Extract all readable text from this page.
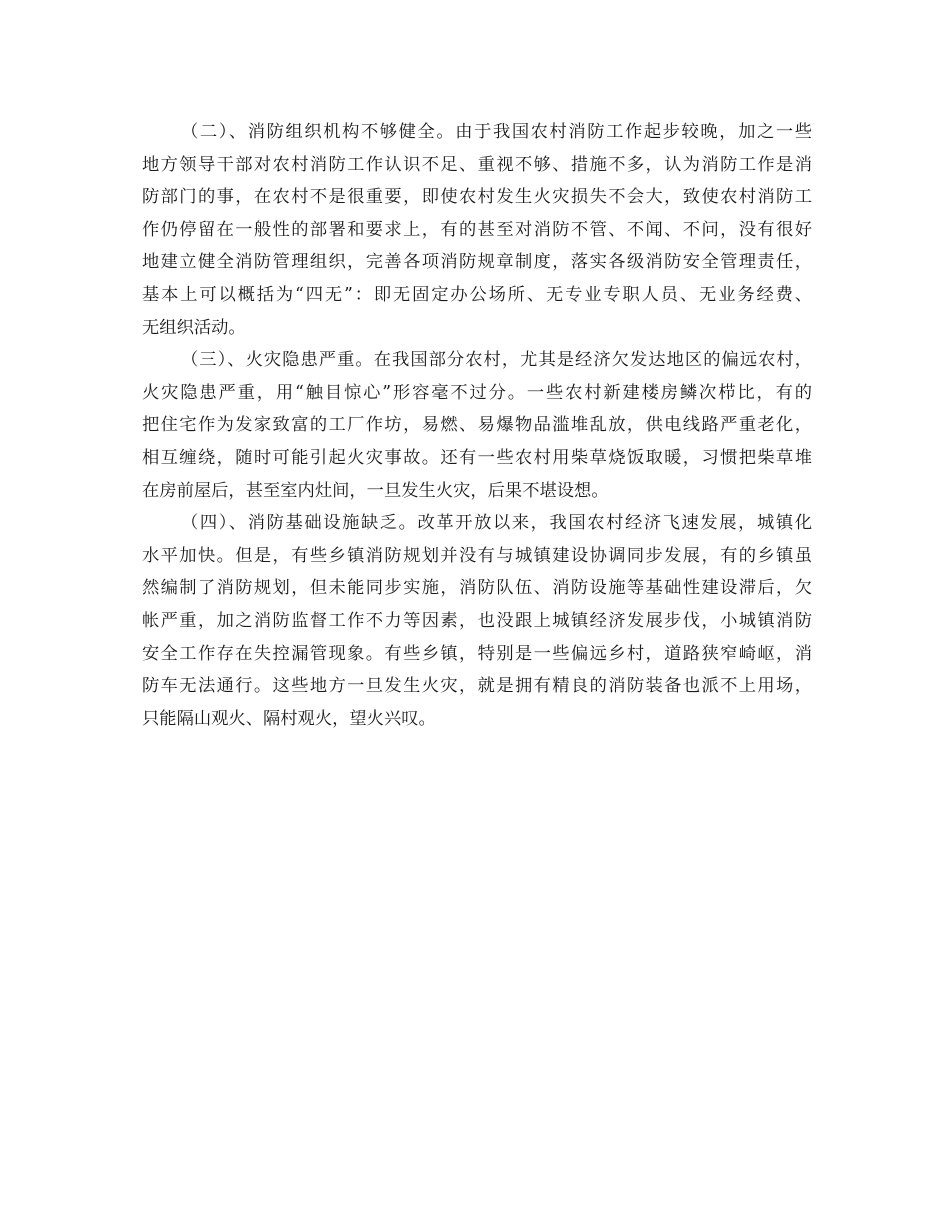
（二）、消防组织机构不够健全。由于我国农村消防工作起步较晚，加之一些
地方领导干部对农村消防工作认识不足、重视不够、措施不多，认为消防工作是消
防部门的事，在农村不是很重要，即使农村发生火灾损失不会大，致使农村消防工
作仍停留在一般性的部署和要求上，有的甚至对消防不管、不闻、不问，没有很好
地建立健全消防管理组织，完善各项消防规章制度，落实各级消防安全管理责任，
基本上可以概括为“四无”：即无固定办公场所、无专业专职人员、无业务经费、
无组织活动。
（三）、火灾隐患严重。在我国部分农村，尤其是经济欠发达地区的偏远农村，
火灾隐患严重，用“触目惊心”形容毫不过分。一些农村新建楼房鳞次栉比，有的
把住宅作为发家致富的工厂作坊，易燃、易爆物品滥堆乱放，供电线路严重老化，
相互缠绕，随时可能引起火灾事故。还有一些农村用柴草烧饭取暖，习惯把柴草堆
在房前屋后，甚至室内灶间，一旦发生火灾，后果不堪设想。
（四）、消防基础设施缺乏。改革开放以来，我国农村经济飞速发展，城镇化
水平加快。但是，有些乡镇消防规划并没有与城镇建设协调同步发展，有的乡镇虽
然编制了消防规划，但未能同步实施，消防队伍、消防设施等基础性建设滞后，欠
帐严重，加之消防监督工作不力等因素，也没跟上城镇经济发展步伐，小城镇消防
安全工作存在失控漏管现象。有些乡镇，特别是一些偏远乡村，道路狭窄崎岖，消
防车无法通行。这些地方一旦发生火灾，就是拥有精良的消防装备也派不上用场，
只能隔山观火、隔村观火，望火兴叹。
